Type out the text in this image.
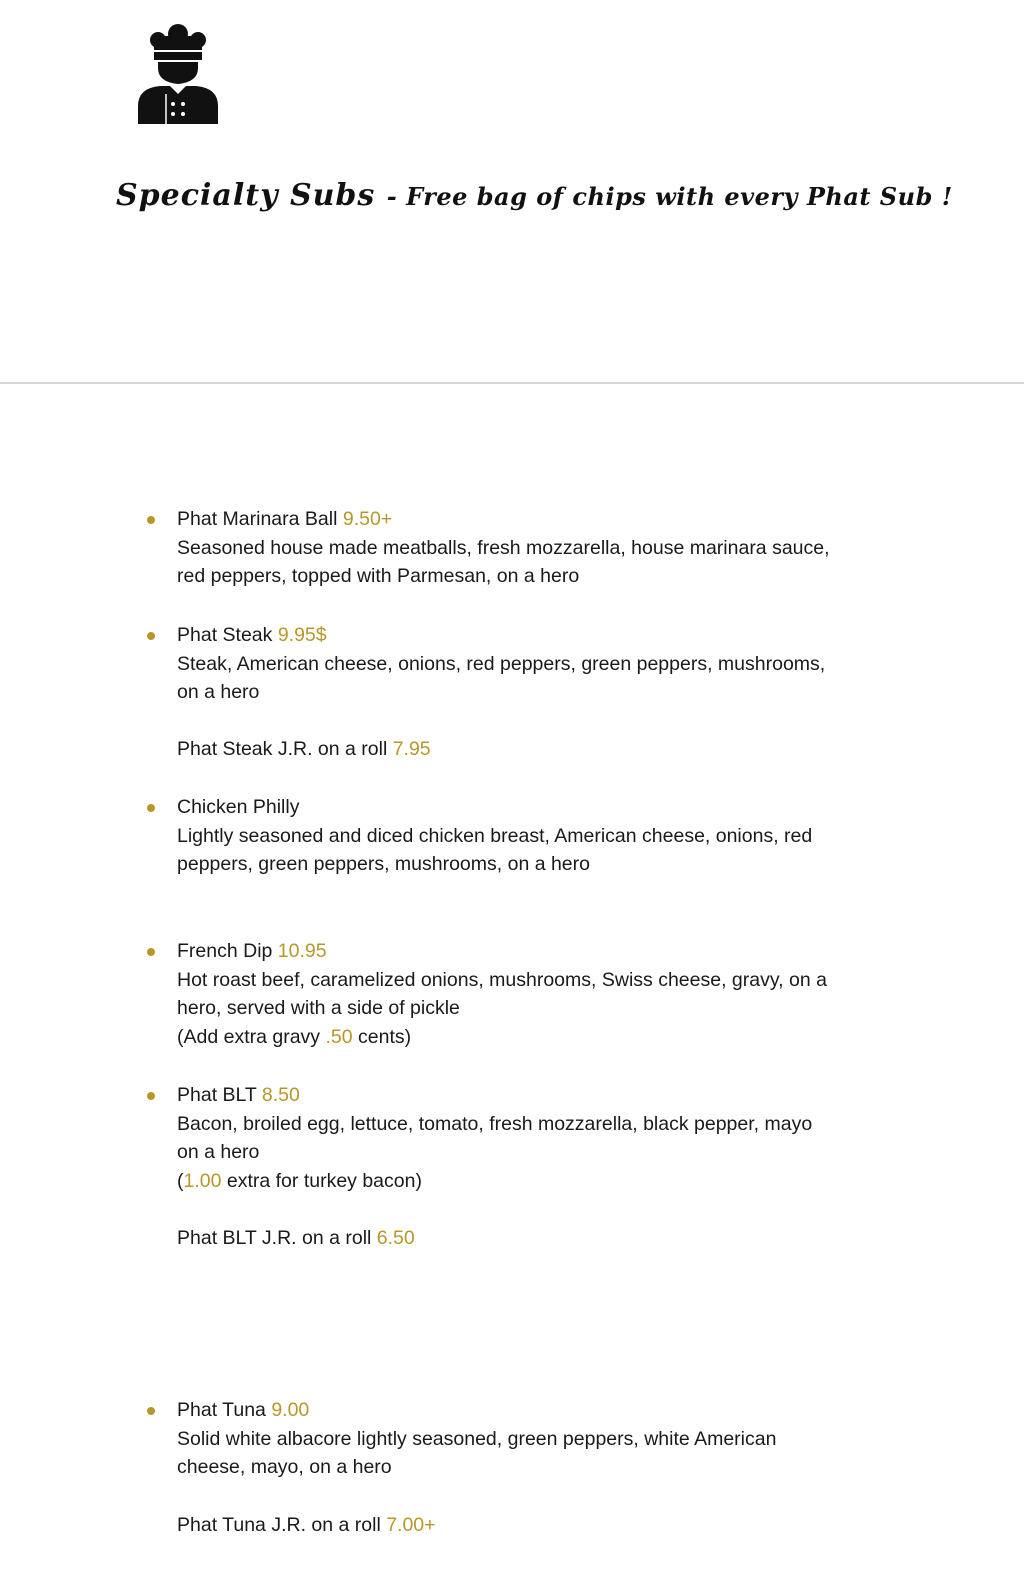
Specialty Subs - Free bag of chips with every Phat Sub !
Phat Marinara Ball 9.50+
Seasoned house made meatballs, fresh mozzarella, house marinara sauce,
red peppers, topped with Parmesan, on a hero
Phat Steak 9.95$
Steak, American cheese, onions, red peppers, green peppers, mushrooms,
on a hero
Phat Steak J.R. on a roll 7.95
Chicken Philly
Lightly seasoned and diced chicken breast, American cheese, onions, red
peppers, green peppers, mushrooms, on a hero
French Dip 10.95
Hot roast beef, caramelized onions, mushrooms, Swiss cheese, gravy, on a
hero, served with a side of pickle
(Add extra gravy .50 cents)
Phat BLT 8.50
Bacon, broiled egg, lettuce, tomato, fresh mozzarella, black pepper, mayo
on a hero
(1.00 extra for turkey bacon)
Phat BLT J.R. on a roll 6.50
Phat Tuna 9.00
Solid white albacore lightly seasoned, green peppers, white American
cheese, mayo, on a hero
Phat Tuna J.R. on a roll 7.00+
